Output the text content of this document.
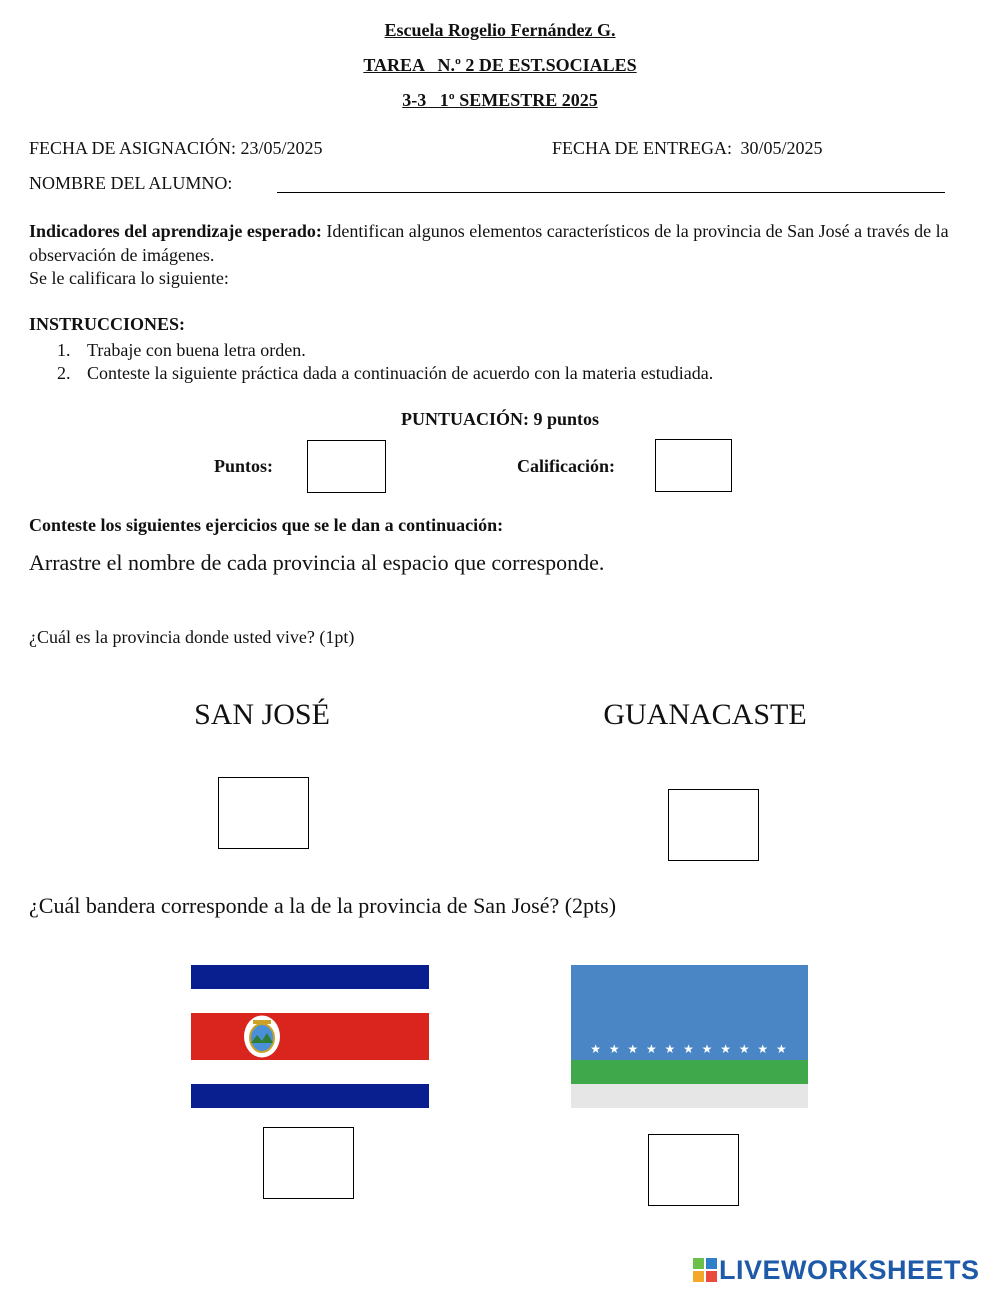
Escuela Rogelio Fernández G.
TAREA   N.º 2 DE EST.SOCIALES
3-3   1º SEMESTRE 2025
FECHA DE ASIGNACIÓN: 23/05/2025	FECHA DE ENTREGA: 30/05/2025
NOMBRE DEL ALUMNO:
Indicadores del aprendizaje esperado: Identifican algunos elementos característicos de la provincia de San José a través de la observación de imágenes.
Se le calificara lo siguiente:
INSTRUCCIONES:
1. Trabaje con buena letra orden.
2. Conteste la siguiente práctica dada a continuación de acuerdo con la materia estudiada.
PUNTUACIÓN: 9 puntos
Puntos:	Calificación:
Conteste los siguientes ejercicios que se le dan a continuación:
Arrastre el nombre de cada provincia al espacio que corresponde.
¿Cuál es la provincia donde usted vive? (1pt)
SAN JOSÉ	GUANACASTE
¿Cuál bandera corresponde a la de la provincia de San José? (2pts)
★ ★ ★ ★ ★ ★ ★ ★ ★ ★ ★
LIVEWORKSHEETS
